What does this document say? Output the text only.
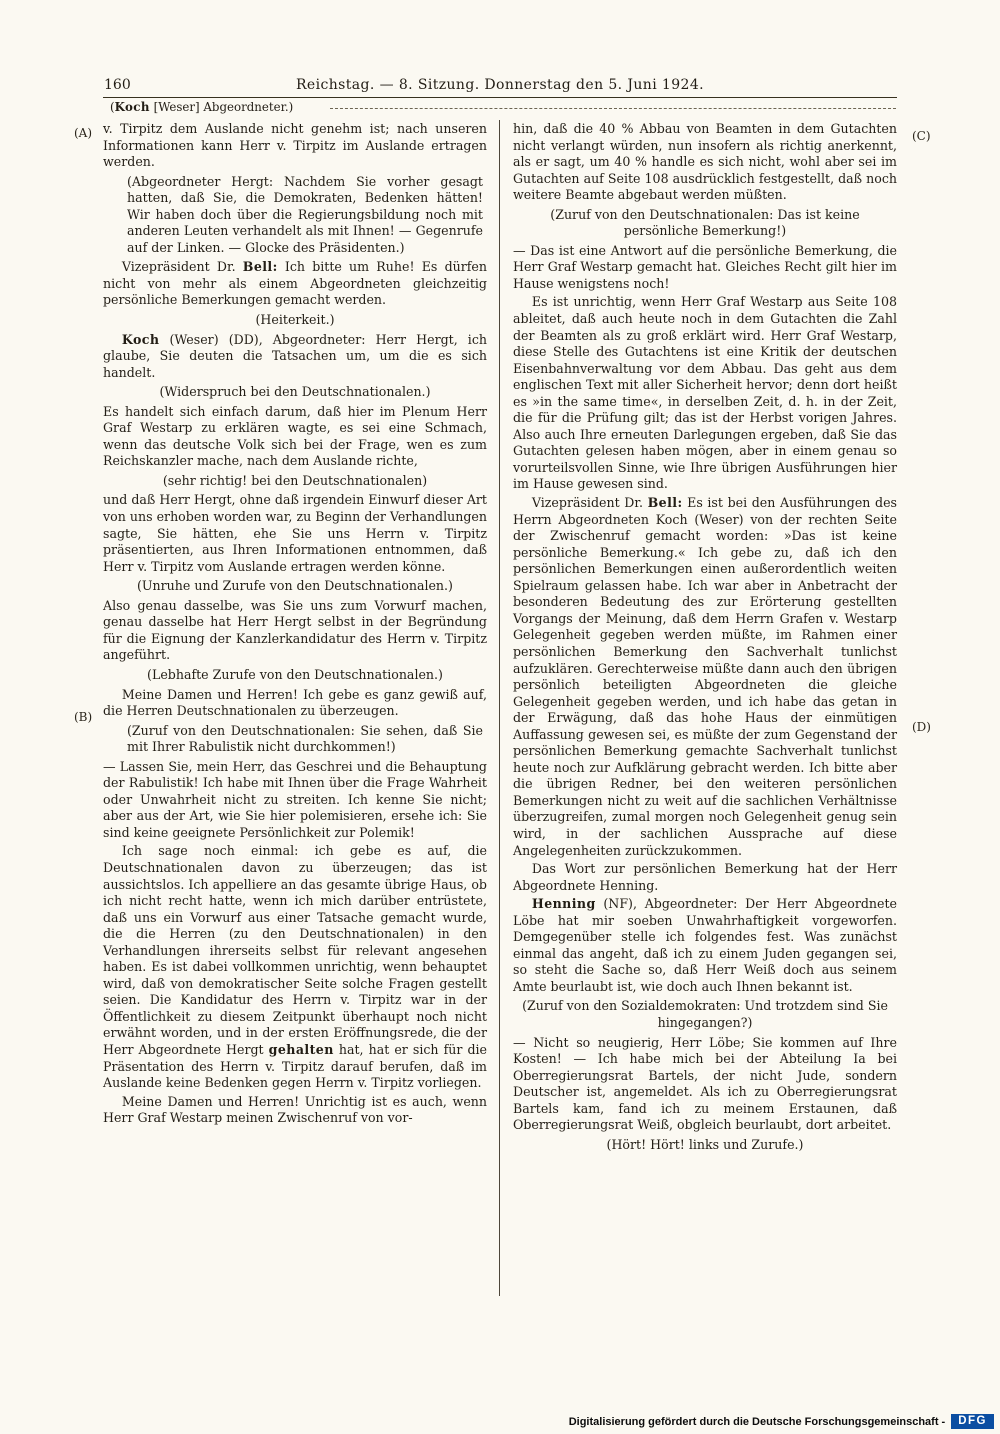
160	Reichstag. — 8. Sitzung. Donnerstag den 5. Juni 1924.

(Koch [Weser] Abgeordneter.)

(A)
(B)
(C)
(D)

v. Tirpitz dem Auslande nicht genehm ist; nach unseren Informationen kann Herr v. Tirpitz im Auslande ertragen werden.

(Abgeordneter Hergt: Nachdem Sie vorher gesagt hatten, daß Sie, die Demokraten, Bedenken hätten! Wir haben doch über die Regierungsbildung noch mit anderen Leuten verhandelt als mit Ihnen! — Gegenrufe auf der Linken. — Glocke des Präsidenten.)

Vizepräsident Dr. Bell: Ich bitte um Ruhe! Es dürfen nicht von mehr als einem Abgeordneten gleichzeitig persönliche Bemerkungen gemacht werden.

(Heiterkeit.)

Koch (Weser) (DD), Abgeordneter: Herr Hergt, ich glaube, Sie deuten die Tatsachen um, um die es sich handelt.

(Widerspruch bei den Deutschnationalen.)

Es handelt sich einfach darum, daß hier im Plenum Herr Graf Westarp zu erklären wagte, es sei eine Schmach, wenn das deutsche Volk sich bei der Frage, wen es zum Reichskanzler mache, nach dem Auslande richte,

(sehr richtig! bei den Deutschnationalen)

und daß Herr Hergt, ohne daß irgendein Einwurf dieser Art von uns erhoben worden war, zu Beginn der Verhandlungen sagte, Sie hätten, ehe Sie uns Herrn v. Tirpitz präsentierten, aus Ihren Informationen entnommen, daß Herr v. Tirpitz vom Auslande ertragen werden könne.

(Unruhe und Zurufe von den Deutschnationalen.)

Also genau dasselbe, was Sie uns zum Vorwurf machen, genau dasselbe hat Herr Hergt selbst in der Begründung für die Eignung der Kanzlerkandidatur des Herrn v. Tirpitz angeführt.

(Lebhafte Zurufe von den Deutschnationalen.)

Meine Damen und Herren! Ich gebe es ganz gewiß auf, die Herren Deutschnationalen zu überzeugen.

(Zuruf von den Deutschnationalen: Sie sehen, daß Sie mit Ihrer Rabulistik nicht durchkommen!)

— Lassen Sie, mein Herr, das Geschrei und die Behauptung der Rabulistik! Ich habe mit Ihnen über die Frage Wahrheit oder Unwahrheit nicht zu streiten. Ich kenne Sie nicht; aber aus der Art, wie Sie hier polemisieren, ersehe ich: Sie sind keine geeignete Persönlichkeit zur Polemik!

Ich sage noch einmal: ich gebe es auf, die Deutschnationalen davon zu überzeugen; das ist aussichtslos. Ich appelliere an das gesamte übrige Haus, ob ich nicht recht hatte, wenn ich mich darüber entrüstete, daß uns ein Vorwurf aus einer Tatsache gemacht wurde, die die Herren (zu den Deutschnationalen) in den Verhandlungen ihrerseits selbst für relevant angesehen haben. Es ist dabei vollkommen unrichtig, wenn behauptet wird, daß von demokratischer Seite solche Fragen gestellt seien. Die Kandidatur des Herrn v. Tirpitz war in der Öffentlichkeit zu diesem Zeitpunkt überhaupt noch nicht erwähnt worden, und in der ersten Eröffnungsrede, die der Herr Abgeordnete Hergt gehalten hat, hat er sich für die Präsentation des Herrn v. Tirpitz darauf berufen, daß im Auslande keine Bedenken gegen Herrn v. Tirpitz vorliegen.

Meine Damen und Herren! Unrichtig ist es auch, wenn Herr Graf Westarp meinen Zwischenruf von vor-

hin, daß die 40 % Abbau von Beamten in dem Gutachten nicht verlangt würden, nun insofern als richtig anerkennt, als er sagt, um 40 % handle es sich nicht, wohl aber sei im Gutachten auf Seite 108 ausdrücklich festgestellt, daß noch weitere Beamte abgebaut werden müßten.

(Zuruf von den Deutschnationalen: Das ist keine persönliche Bemerkung!)

— Das ist eine Antwort auf die persönliche Bemerkung, die Herr Graf Westarp gemacht hat. Gleiches Recht gilt hier im Hause wenigstens noch!

Es ist unrichtig, wenn Herr Graf Westarp aus Seite 108 ableitet, daß auch heute noch in dem Gutachten die Zahl der Beamten als zu groß erklärt wird. Herr Graf Westarp, diese Stelle des Gutachtens ist eine Kritik der deutschen Eisenbahnverwaltung vor dem Abbau. Das geht aus dem englischen Text mit aller Sicherheit hervor; denn dort heißt es »in the same time«, in derselben Zeit, d. h. in der Zeit, die für die Prüfung gilt; das ist der Herbst vorigen Jahres. Also auch Ihre erneuten Darlegungen ergeben, daß Sie das Gutachten gelesen haben mögen, aber in einem genau so vorurteilsvollen Sinne, wie Ihre übrigen Ausführungen hier im Hause gewesen sind.

Vizepräsident Dr. Bell: Es ist bei den Ausführungen des Herrn Abgeordneten Koch (Weser) von der rechten Seite der Zwischenruf gemacht worden: »Das ist keine persönliche Bemerkung.« Ich gebe zu, daß ich den persönlichen Bemerkungen einen außerordentlich weiten Spielraum gelassen habe. Ich war aber in Anbetracht der besonderen Bedeutung des zur Erörterung gestellten Vorgangs der Meinung, daß dem Herrn Grafen v. Westarp Gelegenheit gegeben werden müßte, im Rahmen einer persönlichen Bemerkung den Sachverhalt tunlichst aufzuklären. Gerechterweise müßte dann auch den übrigen persönlich beteiligten Abgeordneten die gleiche Gelegenheit gegeben werden, und ich habe das getan in der Erwägung, daß das hohe Haus der einmütigen Auffassung gewesen sei, es müßte der zum Gegenstand der persönlichen Bemerkung gemachte Sachverhalt tunlichst heute noch zur Aufklärung gebracht werden. Ich bitte aber die übrigen Redner, bei den weiteren persönlichen Bemerkungen nicht zu weit auf die sachlichen Verhältnisse überzugreifen, zumal morgen noch Gelegenheit genug sein wird, in der sachlichen Aussprache auf diese Angelegenheiten zurückzukommen.

Das Wort zur persönlichen Bemerkung hat der Herr Abgeordnete Henning.

Henning (NF), Abgeordneter: Der Herr Abgeordnete Löbe hat mir soeben Unwahrhaftigkeit vorgeworfen. Demgegenüber stelle ich folgendes fest. Was zunächst einmal das angeht, daß ich zu einem Juden gegangen sei, so steht die Sache so, daß Herr Weiß doch aus seinem Amte beurlaubt ist, wie doch auch Ihnen bekannt ist.

(Zuruf von den Sozialdemokraten: Und trotzdem sind Sie hingegangen?)

— Nicht so neugierig, Herr Löbe; Sie kommen auf Ihre Kosten! — Ich habe mich bei der Abteilung Ia bei Oberregierungsrat Bartels, der nicht Jude, sondern Deutscher ist, angemeldet. Als ich zu Oberregierungsrat Bartels kam, fand ich zu meinem Erstaunen, daß Oberregierungsrat Weiß, obgleich beurlaubt, dort arbeitet.

(Hört! Hört! links und Zurufe.)

Digitalisierung gefördert durch die Deutsche Forschungsgemeinschaft -	DFG
